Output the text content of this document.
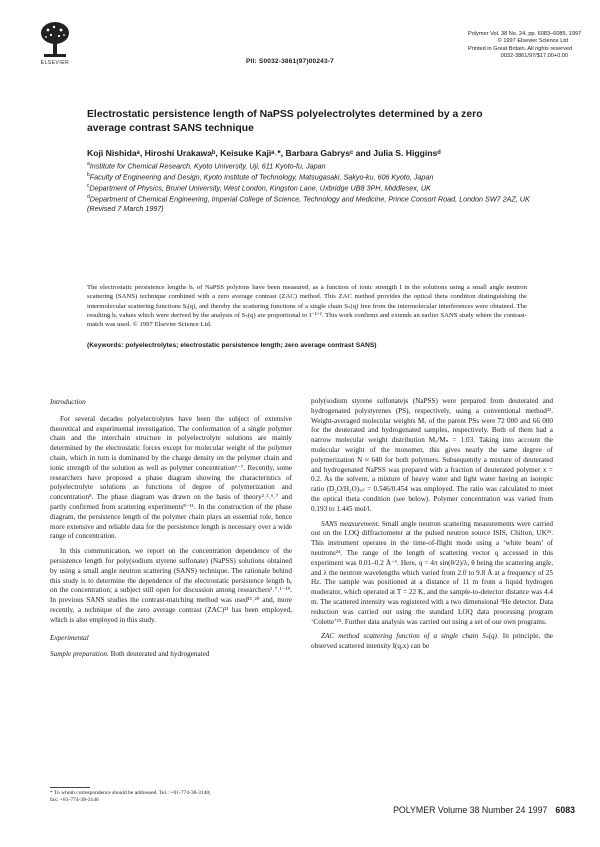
ELSEVIER	PII: S0032-3861(97)00243-7
Polymer Vol. 38 No. 24, pp. 6083–6085, 1997
© 1997 Elsevier Science Ltd
Printed in Great Britain. All rights reserved
0032-3861/97/$17.00+0.00
Electrostatic persistence length of NaPSS polyelectrolytes determined by a zero average contrast SANS technique
Koji Nishidaᵃ, Hiroshi Urakawaᵇ, Keisuke Kajiᵃ˒*, Barbara Gabrysᶜ and Julia S. Higginsᵈ
$^a$Institute for Chemical Research, Kyoto University, Uji, 611 Kyoto-fu, Japan
$^b$Faculty of Engineering and Design, Kyoto Institute of Technology, Matsugasaki, Sakyo-ku, 606 Kyoto, Japan
$^c$Department of Physics, Brunel University, West London, Kingston Lane, Uxbridge UB8 3PH, Middlesex, UK
$^d$Department of Chemical Engineering, Imperial College of Science, Technology and Medicine, Prince Consort Road, London SW7 2AZ, UK
(Revised 7 March 1997)
The electrostatic persistence lengths bₑ of NaPSS polyions have been measured, as a function of ionic strength I in the solutions using a small angle neutron scattering (SANS) technique combined with a zero average contrast (ZAC) method. This ZAC method provides the optical theta condition distinguishing the intermolecular scattering functions Sᵢ(q), and thereby the scattering functions of a single chain Sₛ(q) free from the intermolecular interferences were obtained. The resulting bₑ values which were derived by the analysis of Sₛ(q) are proportional to I⁻¹ᐟ². This work confirms and extends an earlier SANS study where the contrast-match was used. © 1997 Elsevier Science Ltd.
(Keywords: polyelectrolytes; electrostatic persistence length; zero average contrast SANS)
Introduction

For several decades polyelectrolytes have been the subject of extensive theoretical and experimental investigation. The conformation of a single polymer chain and the interchain structure in polyelectrolyte solutions are mainly determined by the electrostatic forces except for molecular weight of the polymer chain, which in turn is dominated by the charge density on the polymer chain and ionic strength of the solution as well as polymer concentration¹⁻⁷. Recently, some researchers have proposed a phase diagram showing the characteristics of polyelectrolyte solutions as functions of degree of polymerization and concentration⁸. The phase diagram was drawn on the basis of theory²˒³˒⁶˒⁷ and partly confirmed from scattering experiments⁸⁻¹¹. In the construction of the phase diagram, the persistence length of the polymer chain plays an essential role, hence more extensive and reliable data for the persistence length is necessary over a wide range of concentration.

In this communication, we report on the concentration dependence of the persistence length for poly(sodium styrene sulfonate) (NaPSS) solutions obtained by using a small angle neutron scattering (SANS) technique. The rationale behind this study is to determine the dependence of the electrostatic persistence length bₑ on the concentration; a subject still open for discussion among researchers²˒⁷˒¹⁻¹⁹. In previous SANS studies the contrast-matching method was used¹¹˒²⁰ and, more recently, a technique of the zero average contrast (ZAC)²¹ has been employed, which is also employed in this study.

Experimental

Sample preparation. Both deuterated and hydrogenated

* To whom correspondence should be addressed. Tel.: +81-774-38-3140;
fax: +81-774-38-3146

poly(sodium styrene sulfonate)s (NaPSS) were prepared from deuterated and hydrogenated polystyrenes (PS), respectively, using a conventional method²². Weight-averaged molecular weights Mᵥ of the parent PSs were 72 000 and 66 000 for the deuterated and hydrogenated samples, respectively. Both of them had a narrow molecular weight distribution Mᵥ/Mₙ = 1.03. Taking into account the molecular weight of the monomer, this gives nearly the same degree of polymerization N ≈ 640 for both polymers. Subsequently a mixture of deuterated and hydrogenated NaPSS was prepared with a fraction of deuterated polymer x = 0.2. As the solvent, a mixture of heavy water and light water having an isotopic ratio (D₂O/H₂O)ᵥₒₗ = 0.546/0.454 was employed. The ratio was calculated to meet the optical theta condition (see below). Polymer concentration was varied from 0.193 to 1.445 mol/l.

SANS measurement. Small angle neutron scattering measurements were carried out on the LOQ diffractometer at the pulsed neutron source ISIS, Chilton, UK²³. This instrument operates in the time-of-flight mode using a ‘white beam’ of neutrons²⁴. The range of the length of scattering vector q accessed in this experiment was 0.01–0.2 Å⁻¹. Here, q = 4π sin(θ/2)/λ, θ being the scattering angle, and λ the neutron wavelengths which varied from 2.0 to 9.8 Å at a frequency of 25 Hz. The sample was positioned at a distance of 11 m from a liquid hydrogen moderator, which operated at T = 22 K, and the sample-to-detector distance was 4.4 m. The scattered intensity was registered with a two dimensional ³He detector. Data reduction was carried out using the standard LOQ data processing program ‘Colette’²⁵. Further data analysis was carried out using a set of our own programs.

ZAC method scattering function of a single chain Sₛ(q). In principle, the observed scattered intensity I(q,x) can be

POLYMER Volume 38 Number 24 1997 6083
